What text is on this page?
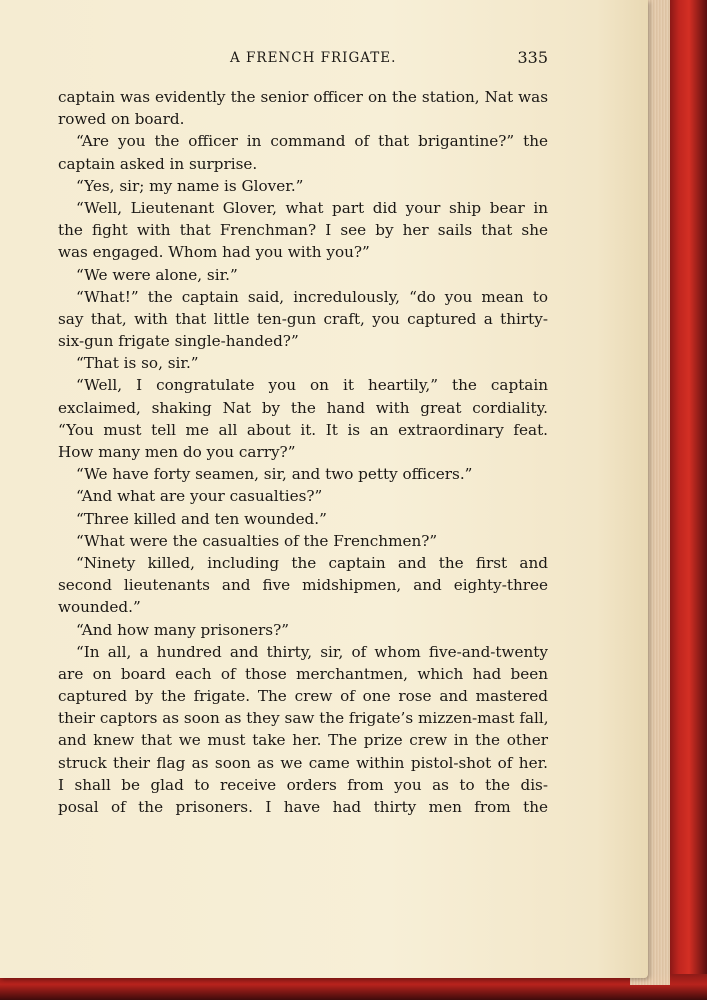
A FRENCH FRIGATE.	335
captain was evidently the senior officer on the station, Nat was
rowed on board.
“Are you the officer in command of that brigantine?” the
captain asked in surprise.
“Yes, sir; my name is Glover.”
“Well, Lieutenant Glover, what part did your ship bear in
the fight with that Frenchman? I see by her sails that she
was engaged. Whom had you with you?”
“We were alone, sir.”
“What!” the captain said, incredulously, “do you mean to
say that, with that little ten-gun craft, you captured a thirty-
six-gun frigate single-handed?”
“That is so, sir.”
“Well, I congratulate you on it heartily,” the captain
exclaimed, shaking Nat by the hand with great cordiality.
“You must tell me all about it. It is an extraordinary feat.
How many men do you carry?”
“We have forty seamen, sir, and two petty officers.”
“And what are your casualties?”
“Three killed and ten wounded.”
“What were the casualties of the Frenchmen?”
“Ninety killed, including the captain and the first and
second lieutenants and five midshipmen, and eighty-three
wounded.”
“And how many prisoners?”
“In all, a hundred and thirty, sir, of whom five-and-twenty
are on board each of those merchantmen, which had been
captured by the frigate. The crew of one rose and mastered
their captors as soon as they saw the frigate’s mizzen-mast fall,
and knew that we must take her. The prize crew in the other
struck their flag as soon as we came within pistol-shot of her.
I shall be glad to receive orders from you as to the dis-
posal of the prisoners. I have had thirty men from the
